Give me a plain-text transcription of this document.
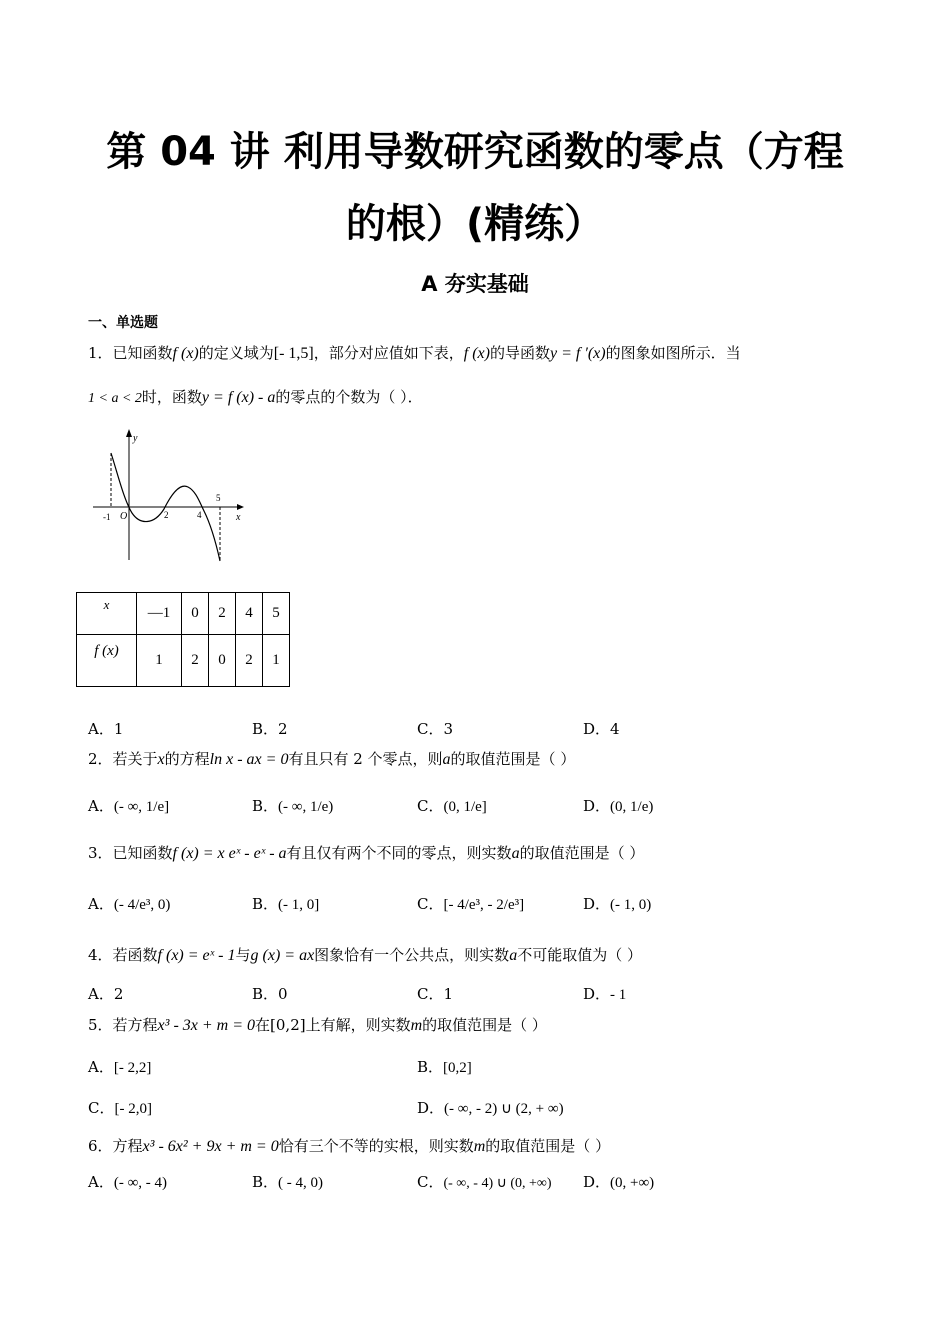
第 04 讲 利用导数研究函数的零点（方程
的根）(精练）
A 夯实基础
一、单选题
1．已知函数f (x)的定义域为[- 1,5]，部分对应值如下表，f (x)的导函数y = f ′(x)的图象如图所示．当
1 < a < 2时，函数y = f (x) - a的零点的个数为（ ）．
y
x
O
-1	2	4
5
x	—1	0	2	4	5
f (x)	1	2	0	2	1
A．1	B．2	C．3	D．4
2．若关于x的方程ln x - ax = 0有且只有 2 个零点，则a的取值范围是（ ）
A．(- ∞, 1/e]	B．(- ∞, 1/e)	C．(0, 1/e]	D．(0, 1/e)
3．已知函数f (x) = x eˣ - eˣ - a有且仅有两个不同的零点，则实数a的取值范围是（ ）
A．(- 4/e³, 0)	B．(- 1, 0]	C．[- 4/e³, - 2/e³]	D．(- 1, 0)
4．若函数f (x) = eˣ - 1与g (x) = ax图象恰有一个公共点，则实数a不可能取值为（ ）
A．2	B．0	C．1	D．- 1
5．若方程x³ - 3x + m = 0在[0,2]上有解，则实数m的取值范围是（ ）
A．[- 2,2]	B．[0,2]
C．[- 2,0]	D．(- ∞, - 2) ∪ (2, + ∞)
6．方程x³ - 6x² + 9x + m = 0恰有三个不等的实根，则实数m的取值范围是（ ）
A．(- ∞, - 4)	B．( - 4, 0)	C．(- ∞, - 4) ∪ (0, +∞) D．(0, +∞)
